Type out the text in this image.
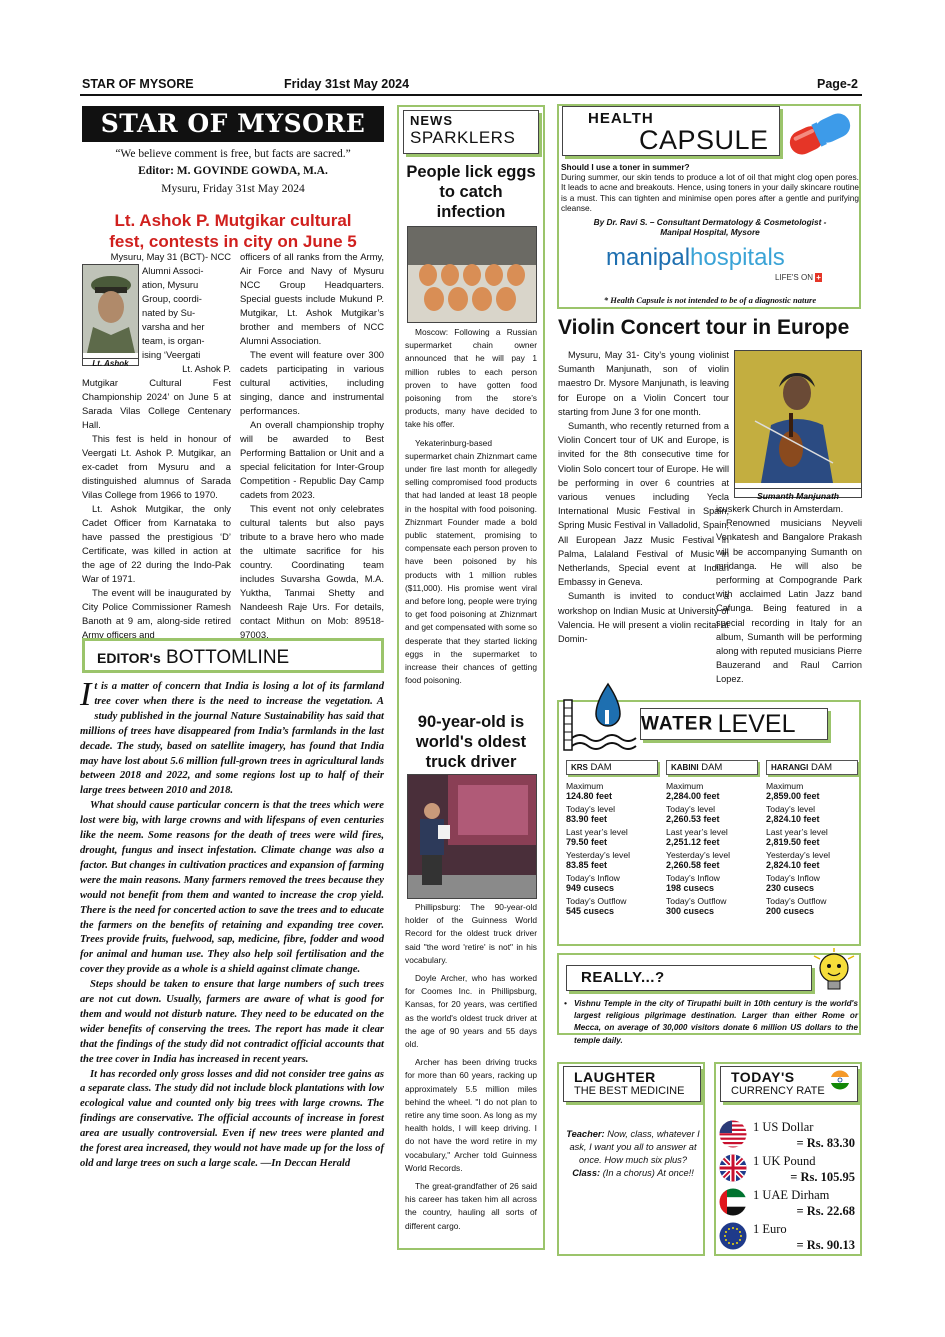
STAR OF MYSORE	Friday 31st May 2024	Page-2
STAR OF MYSORE
“We believe comment is free, but facts are sacred.”
Editor: M. GOVINDE GOWDA, M.A.
Mysuru, Friday 31st May 2024
Lt. Ashok P. Mutgikar cultural
fest, contests in city on June 5
Lt. Ashok
Mysuru, May 31 (BCT)- NCC
Alumni Associ-
ation, Mysuru
Group, coordi-
nated by Su-
varsha and her
team, is organ-
ising ‘Veergati
Lt. Ashok P.

Mutgikar Cultural Fest Championship 2024’ on June 5 at Sarada Vilas College Centenary Hall.

This fest is held in honour of Veergati Lt. Ashok P. Mutgikar, an ex-cadet from Mysuru and a distinguished alumnus of Sarada Vilas College from 1966 to 1970.

Lt. Ashok Mutgikar, the only Cadet Officer from Karnataka to have passed the prestigious ‘D’ Certificate, was killed in action at the age of 22 during the Indo-Pak War of 1971.

The event will be inaugurated by City Police Commissioner Ramesh Banoth at 9 am, along-side retired Army officers and

officers of all ranks from the Army, Air Force and Navy of Mysuru NCC Group Headquarters. Special guests include Mukund P. Mutgikar, Lt. Ashok Mutgikar’s brother and members of NCC Alumni Association.

The event will feature over 300 cadets participating in various cultural activities, including singing, dance and instrumental performances.

An overall championship trophy will be awarded to Best Performing Battalion or Unit and a special felicitation for Inter-Group Competition - Republic Day Camp cadets from 2023.

This event not only celebrates cultural talents but also pays tribute to a brave hero who made the ultimate sacrifice for his country. Coordinating team includes Suvarsha Gowda, M.A. Yuktha, Tanmai Shetty and Nandeesh Raje Urs. For details, contact Mithun on Mob: 89518-97003.

EDITOR's BOTTOMLINE
It is a matter of concern that India is losing a lot of its farmland tree cover when there is the need to increase the vegetation. A study published in the journal Nature Sustainability has said that millions of trees have disappeared from India’s farmlands in the last decade. The study, based on satellite imagery, has found that India may have lost about 5.6 million full-grown trees in agricultural lands between 2018 and 2022, and some regions lost up to half of their large trees between 2010 and 2018.
What should cause particular concern is that the trees which were lost were big, with large crowns and with lifespans of even centuries like the neem. Some reasons for the death of trees were wild fires, drought, fungus and insect infestation. Climate change was also a factor. But changes in cultivation practices and expansion of farming were the main reasons. Many farmers removed the trees because they would not benefit from them and wanted to increase the crop yield. There is the need for concerted action to save the trees and to educate the farmers on the benefits of retaining and expanding tree cover. Trees provide fruits, fuelwood, sap, medicine, fibre, fodder and wood for animal and human use. They also help soil fertilisation and the cover they provide as a whole is a shield against climate change.
Steps should be taken to ensure that large numbers of such trees are not cut down. Usually, farmers are aware of what is good for them and would not disturb nature. They need to be educated on the wider benefits of conserving the trees. The report has made it clear that the findings of the study did not contradict official accounts that the tree cover in India has increased in recent years.
It has recorded only gross losses and did not consider tree gains as a separate class. The study did not include block plantations with low ecological value and counted only big trees with large crowns. The findings are conservative. The official accounts of increase in forest area are usually controversial. Even if new trees were planted and the forest area increased, they would not have made up for the loss of old and large trees on such a large scale. —In Deccan Herald
NEWS
SPARKLERS
People lick eggs to catch infection

Moscow: Following a Russian supermarket chain owner announced that he will pay 1 million rubles to each person proven to have gotten food poisoning from the store’s products, many have decided to take his offer.

Yekaterinburg-based supermarket chain Zhiznmart came under fire last month for allegedly selling compromised food products that had landed at least 18 people in the hospital with food poisoning. Zhiznmart Founder made a bold public statement, promising to compensate each person proven to have been poisoned by his products with 1 million rubles ($11,000). His promise went viral and before long, people were trying to get food poisoning at Zhiznmart and get compensated with some so desperate that they started licking eggs in the supermarket to increase their chances of getting food poisoning.

90-year-old is world's oldest truck driver

Phillipsburg: The 90-year-old holder of the Guinness World Record for the oldest truck driver said "the word 'retire' is not" in his vocabulary.

Doyle Archer, who has worked for Coomes Inc. in Phillipsburg, Kansas, for 20 years, was certified as the world's oldest truck driver at the age of 90 years and 55 days old.

Archer has been driving trucks for more than 60 years, racking up approximately 5.5 million miles behind the wheel. "I do not plan to retire any time soon. As long as my health holds, I will keep driving. I do not have the word retire in my vocabulary," Archer told Guinness World Records.

The great-grandfather of 26 said his career has taken him all across the country, hauling all sorts of different cargo.

HEALTH
CAPSULE
Should I use a toner in summer?
During summer, our skin tends to produce a lot of oil that might clog open pores. It leads to acne and breakouts. Hence, using toners in your daily skincare routine is a must. This can tighten and minimise open pores after a gentle and purifying cleanse.
By Dr. Ravi S. – Consultant Dermatology & Cosmetologist -
Manipal Hospital, Mysore
manipalhospitals
LIFE'S ON +
* Health Capsule is not intended to be of a diagnostic nature
Violin Concert tour in Europe
Sumanth Manjunath

Mysuru, May 31- City’s young violinist Sumanth Manjunath, son of violin maestro Dr. Mysore Manjunath, is leaving for Europe on a Violin Concert tour starting from June 3 for one month.

Sumanth, who recently returned from a Violin Concert tour of UK and Europe, is invited for the 8th consecutive time for Violin Solo concert tour of Europe. He will be performing in over 6 countries at various venues including Yecla International Music Festival in Spain, Spring Music Festival in Valladolid, Spain, All European Jazz Music Festival in Palma, Lalaland Festival of Music in Netherlands, Special event at Indian Embassy in Geneva.

Sumanth is invited to conduct a workshop on Indian Music at University of Valencia. He will present a violin recital at Domin-

icuskerk Church in Amsterdam.

Renowned musicians Neyveli Venkatesh and Bangalore Prakash will be accompanying Sumanth on mridanga. He will also be performing at Compogrande Park with acclaimed Latin Jazz band Cafunga. Being featured in a special recording in Italy for an album, Sumanth will be performing along with reputed musicians Pierre Bauzerand and Raul Carrion Lopez.

WATER LEVEL
KRS DAM
Maximum
124.80 feet
Today’s level
83.90 feet
Last year’s level
79.50 feet
Yesterday’s level
83.85 feet
Today’s Inflow
949 cusecs
Today’s Outflow
545 cusecs
KABINI DAM
Maximum
2,284.00 feet
Today’s level
2,260.53 feet
Last year’s level
2,251.12 feet
Yesterday’s level
2,260.58 feet
Today’s Inflow
198 cusecs
Today’s Outflow
300 cusecs
HARANGI DAM
Maximum
2,859.00 feet
Today’s level
2,824.10 feet
Last year’s level
2,819.50 feet
Yesterday’s level
2,824.10 feet
Today’s Inflow
230 cusecs
Today’s Outflow
200 cusecs
REALLY...?
• Vishnu Temple in the city of Tirupathi built in 10th century is the world's largest religious pilgrimage destination. Larger than either Rome or Mecca, on average of 30,000 visitors donate 6 million US dollars to the temple daily.
LAUGHTER
THE BEST MEDICINE
Teacher: Now, class, whatever I ask, I want you all to answer at once. How much six plus?
Class: (In a chorus) At once!!
TODAY'S
CURRENCY RATE
1 US Dollar
= Rs. 83.30
1 UK Pound
= Rs. 105.95
1 UAE Dirham
= Rs. 22.68
1 Euro
= Rs. 90.13
